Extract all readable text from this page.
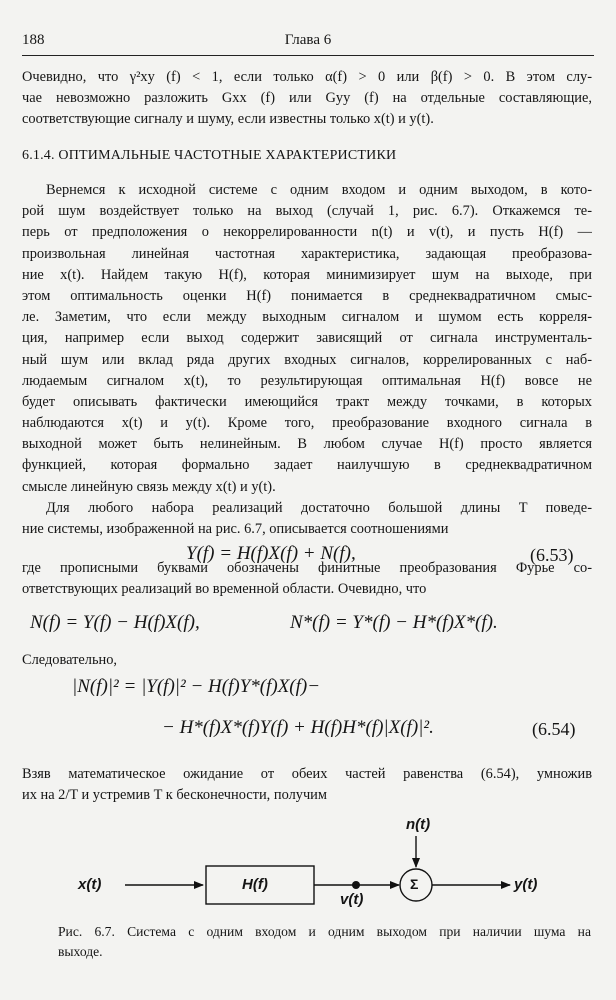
188	Глава 6
Очевидно, что γ²xy (f) < 1, если только α(f) > 0 или β(f) > 0. В этом слу-
чае невозможно разложить Gxx (f) или Gyy (f) на отдельные составляющие,
соответствующие сигналу и шуму, если известны только x(t) и y(t).
6.1.4. ОПТИМАЛЬНЫЕ ЧАСТОТНЫЕ ХАРАКТЕРИСТИКИ
Вернемся к исходной системе с одним входом и одним выходом, в кото-
рой шум воздействует только на выход (случай 1, рис. 6.7). Откажемся те-
перь от предположения о некоррелированности n(t) и v(t), и пусть H(f) —
произвольная линейная частотная характеристика, задающая преобразова-
ние x(t). Найдем такую H(f), которая минимизирует шум на выходе, при
этом оптимальность оценки H(f) понимается в среднеквадратичном смыс-
ле. Заметим, что если между выходным сигналом и шумом есть корреля-
ция, например если выход содержит зависящий от сигнала инструменталь-
ный шум или вклад ряда других входных сигналов, коррелированных с наб-
людаемым сигналом x(t), то результирующая оптимальная H(f) вовсе не
будет описывать фактически имеющийся тракт между точками, в которых
наблюдаются x(t) и y(t). Кроме того, преобразование входного сигнала в
выходной может быть нелинейным. В любом случае H(f) просто является
функцией, которая формально задает наилучшую в среднеквадратичном
смысле линейную связь между x(t) и y(t).
Для любого набора реализаций достаточно большой длины T поведе-
ние системы, изображенной на рис. 6.7, описывается соотношениями
Y(f) = H(f)X(f) + N(f),	(6.53)
где прописными буквами обозначены финитные преобразования Фурье со-
ответствующих реализаций во временной области. Очевидно, что
N(f) = Y(f) − H(f)X(f),	N*(f) = Y*(f) − H*(f)X*(f).
Следовательно,
|N(f)|² = |Y(f)|² − H(f)Y*(f)X(f)−
− H*(f)X*(f)Y(f) + H(f)H*(f)|X(f)|².	(6.54)
Взяв математическое ожидание от обеих частей равенства (6.54), умножив
их на 2/T и устремив T к бесконечности, получим
x(t)	H(f)
v(t)
n(t)
Σ	y(t)
Рис. 6.7. Система с одним входом и одним выходом при наличии шума на
выходе.
